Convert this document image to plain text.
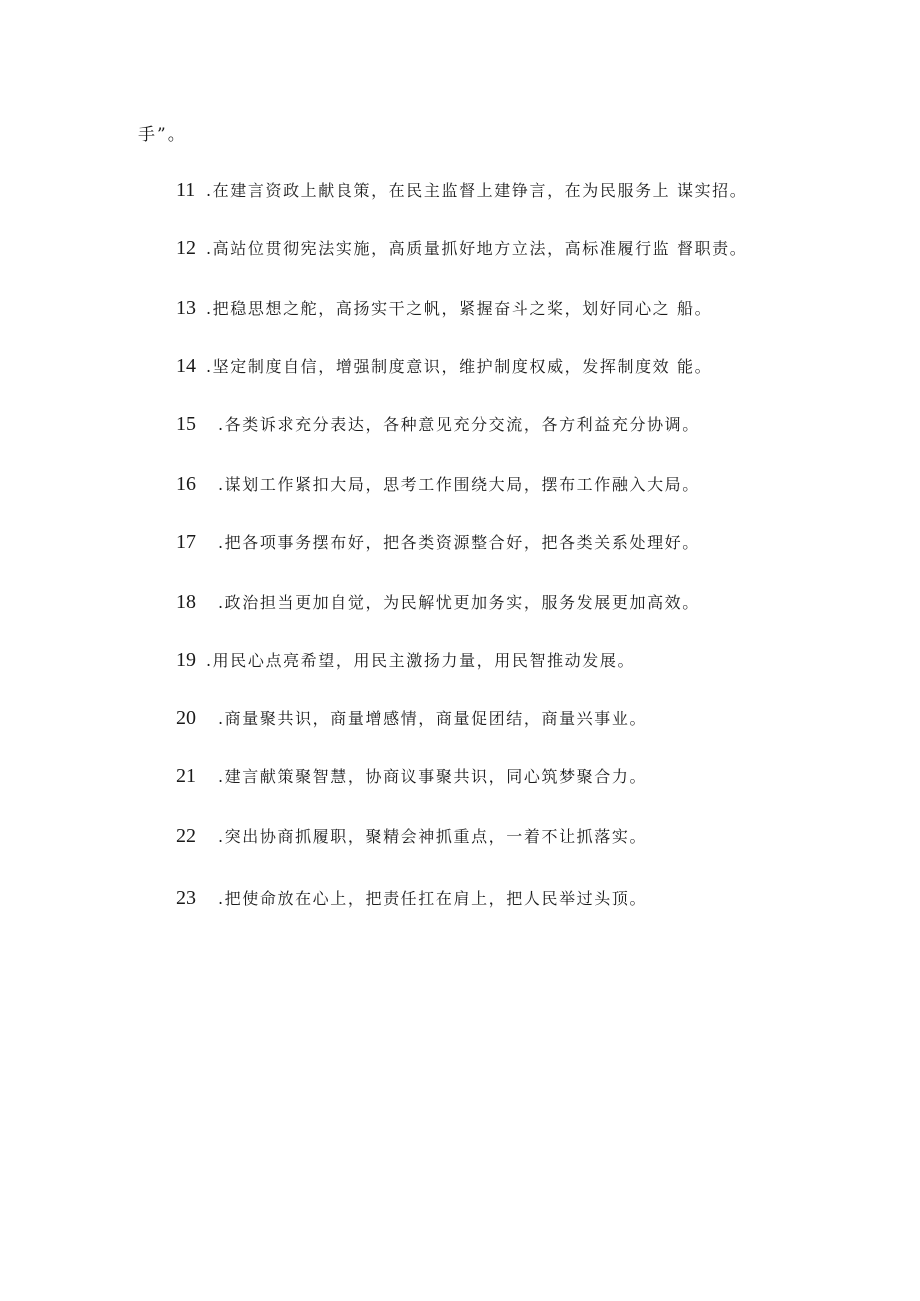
手”。
11 .在建言资政上献良策，在民主监督上建铮言，在为民服务上 谋实招。
12 .高站位贯彻宪法实施，高质量抓好地方立法，高标准履行监 督职责。
13 .把稳思想之舵，高扬实干之帆，紧握奋斗之桨，划好同心之 船。
14 .坚定制度自信，增强制度意识，维护制度权威，发挥制度效 能。
15	.各类诉求充分表达，各种意见充分交流，各方利益充分协调。
16	.谋划工作紧扣大局，思考工作围绕大局，摆布工作融入大局。
17	.把各项事务摆布好，把各类资源整合好，把各类关系处理好。
18	.政治担当更加自觉，为民解忧更加务实，服务发展更加高效。
19 .用民心点亮希望，用民主激扬力量，用民智推动发展。
20	.商量聚共识，商量增感情，商量促团结，商量兴事业。
21	.建言献策聚智慧，协商议事聚共识，同心筑梦聚合力。
22	.突出协商抓履职，聚精会神抓重点，一着不让抓落实。
23	.把使命放在心上，把责任扛在肩上，把人民举过头顶。
